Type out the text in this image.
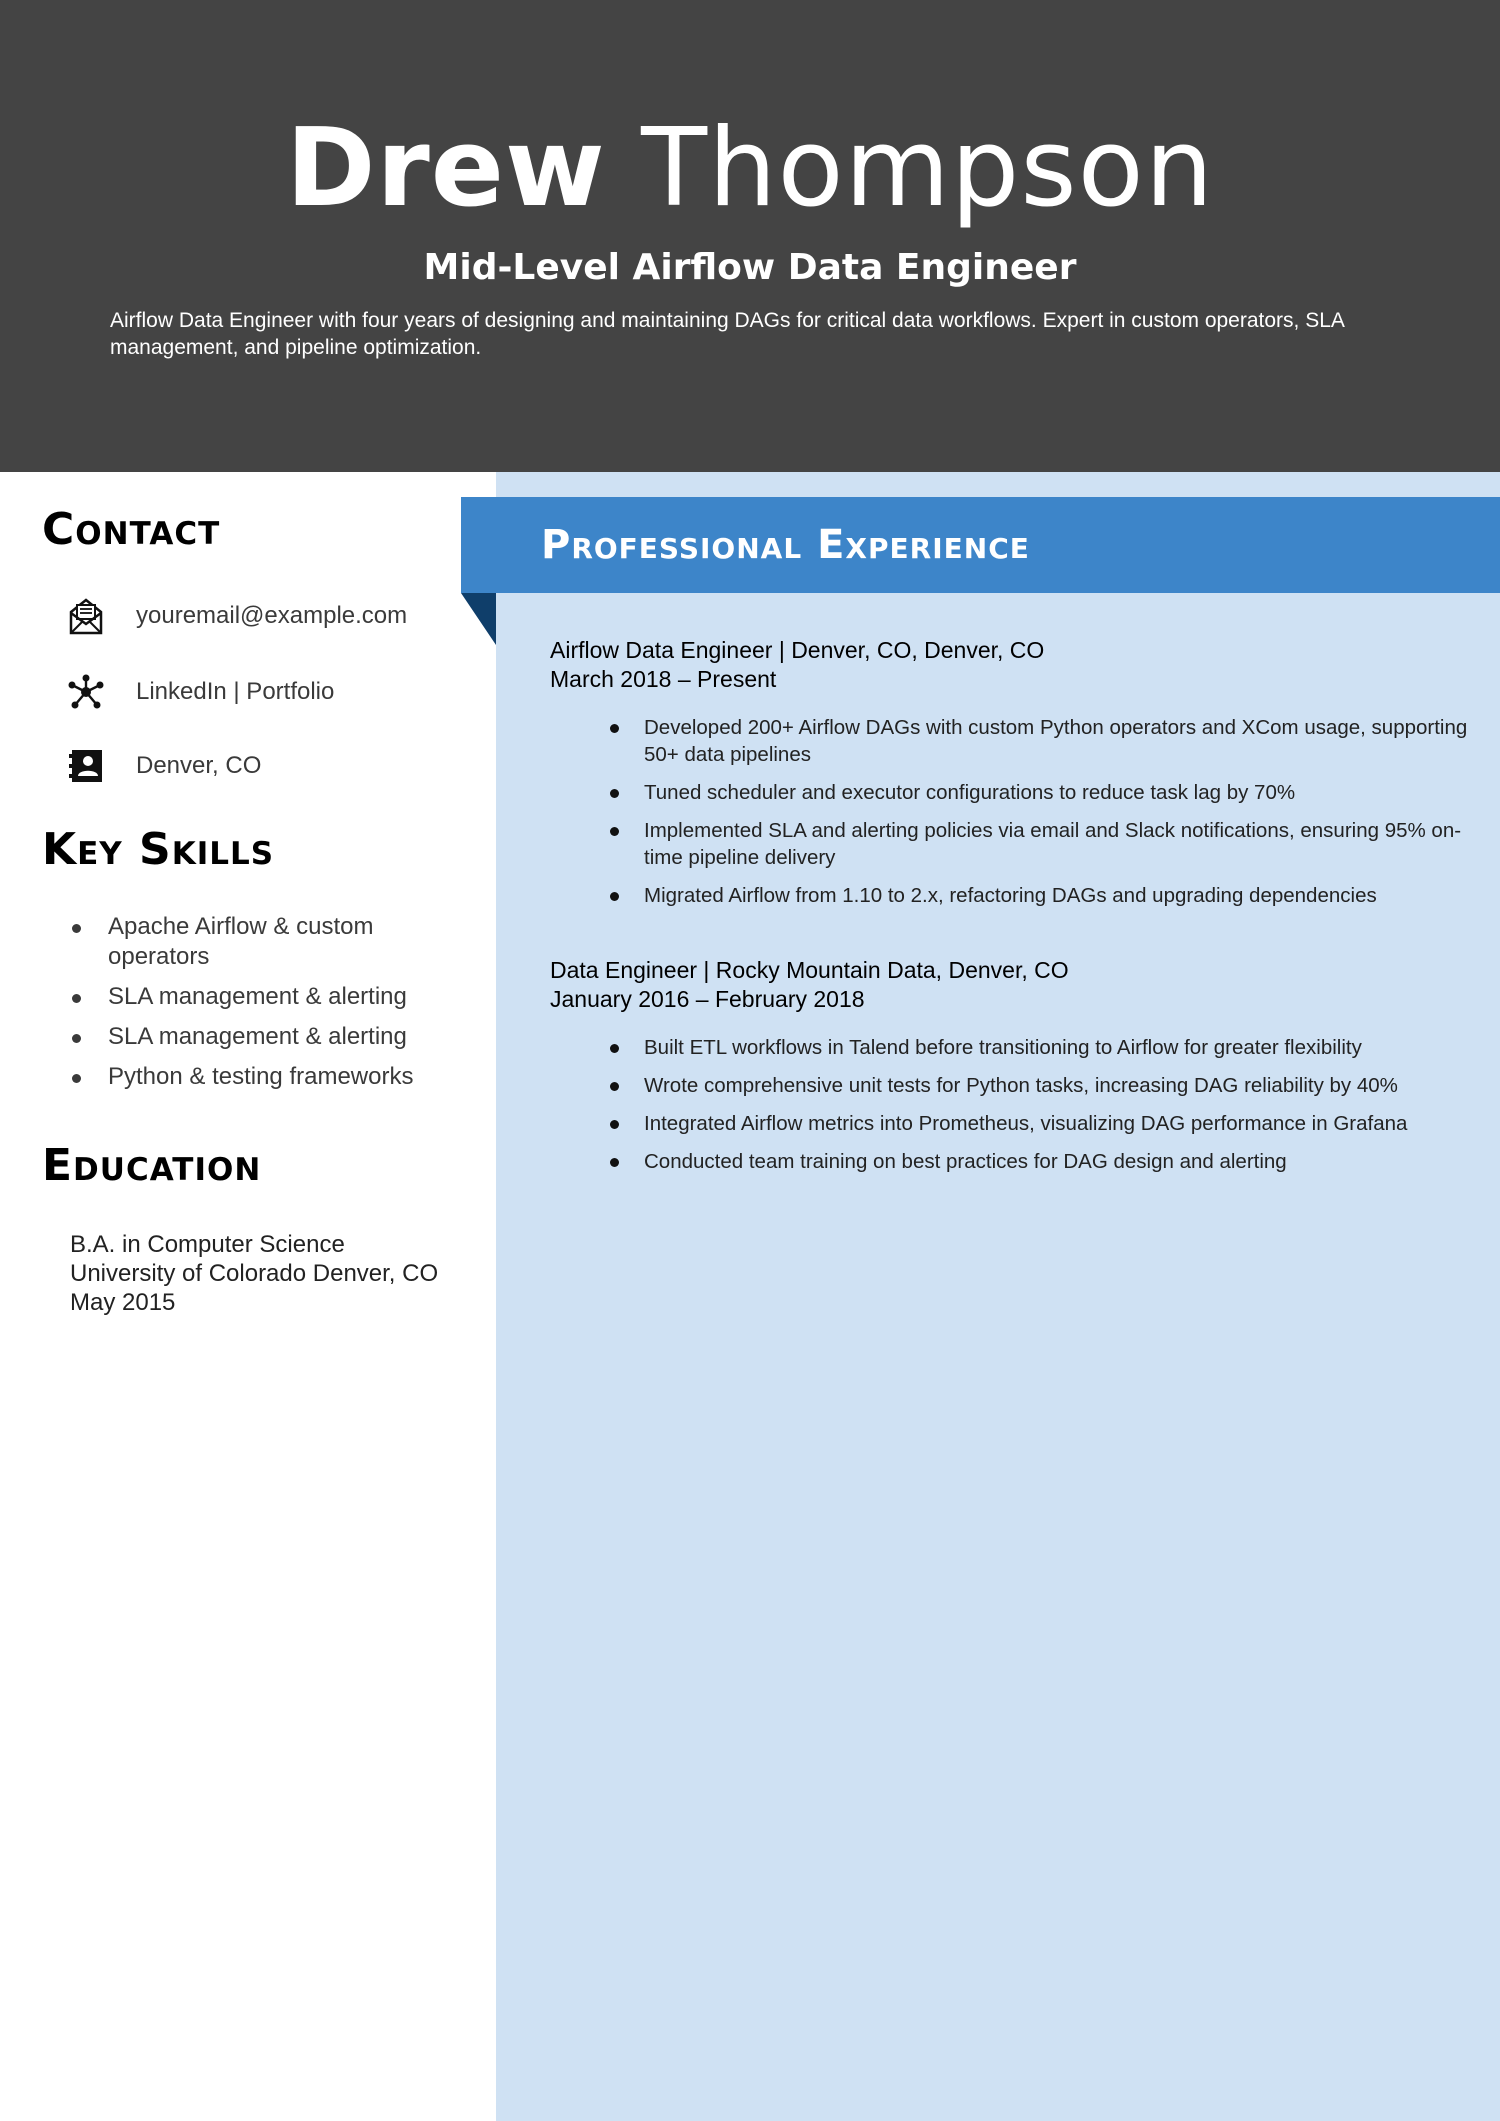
Drew Thompson
Mid-Level Airflow Data Engineer
Airflow Data Engineer with four years of designing and maintaining DAGs for critical data workflows. Expert in custom operators, SLA management, and pipeline optimization.
Contact
youremail@example.com
LinkedIn | Portfolio
Denver, CO
Key Skills
Apache Airflow & custom operators
SLA management & alerting
SLA management & alerting
Python & testing frameworks
Education
B.A. in Computer Science
University of Colorado Denver, CO
May 2015
Professional Experience
Airflow Data Engineer | Denver, CO, Denver, CO
March 2018 – Present
Developed 200+ Airflow DAGs with custom Python operators and XCom usage, supporting 50+ data pipelines
Tuned scheduler and executor configurations to reduce task lag by 70%
Implemented SLA and alerting policies via email and Slack notifications, ensuring 95% on-time pipeline delivery
Migrated Airflow from 1.10 to 2.x, refactoring DAGs and upgrading dependencies
Data Engineer | Rocky Mountain Data, Denver, CO
January 2016 – February 2018
Built ETL workflows in Talend before transitioning to Airflow for greater flexibility
Wrote comprehensive unit tests for Python tasks, increasing DAG reliability by 40%
Integrated Airflow metrics into Prometheus, visualizing DAG performance in Grafana
Conducted team training on best practices for DAG design and alerting
